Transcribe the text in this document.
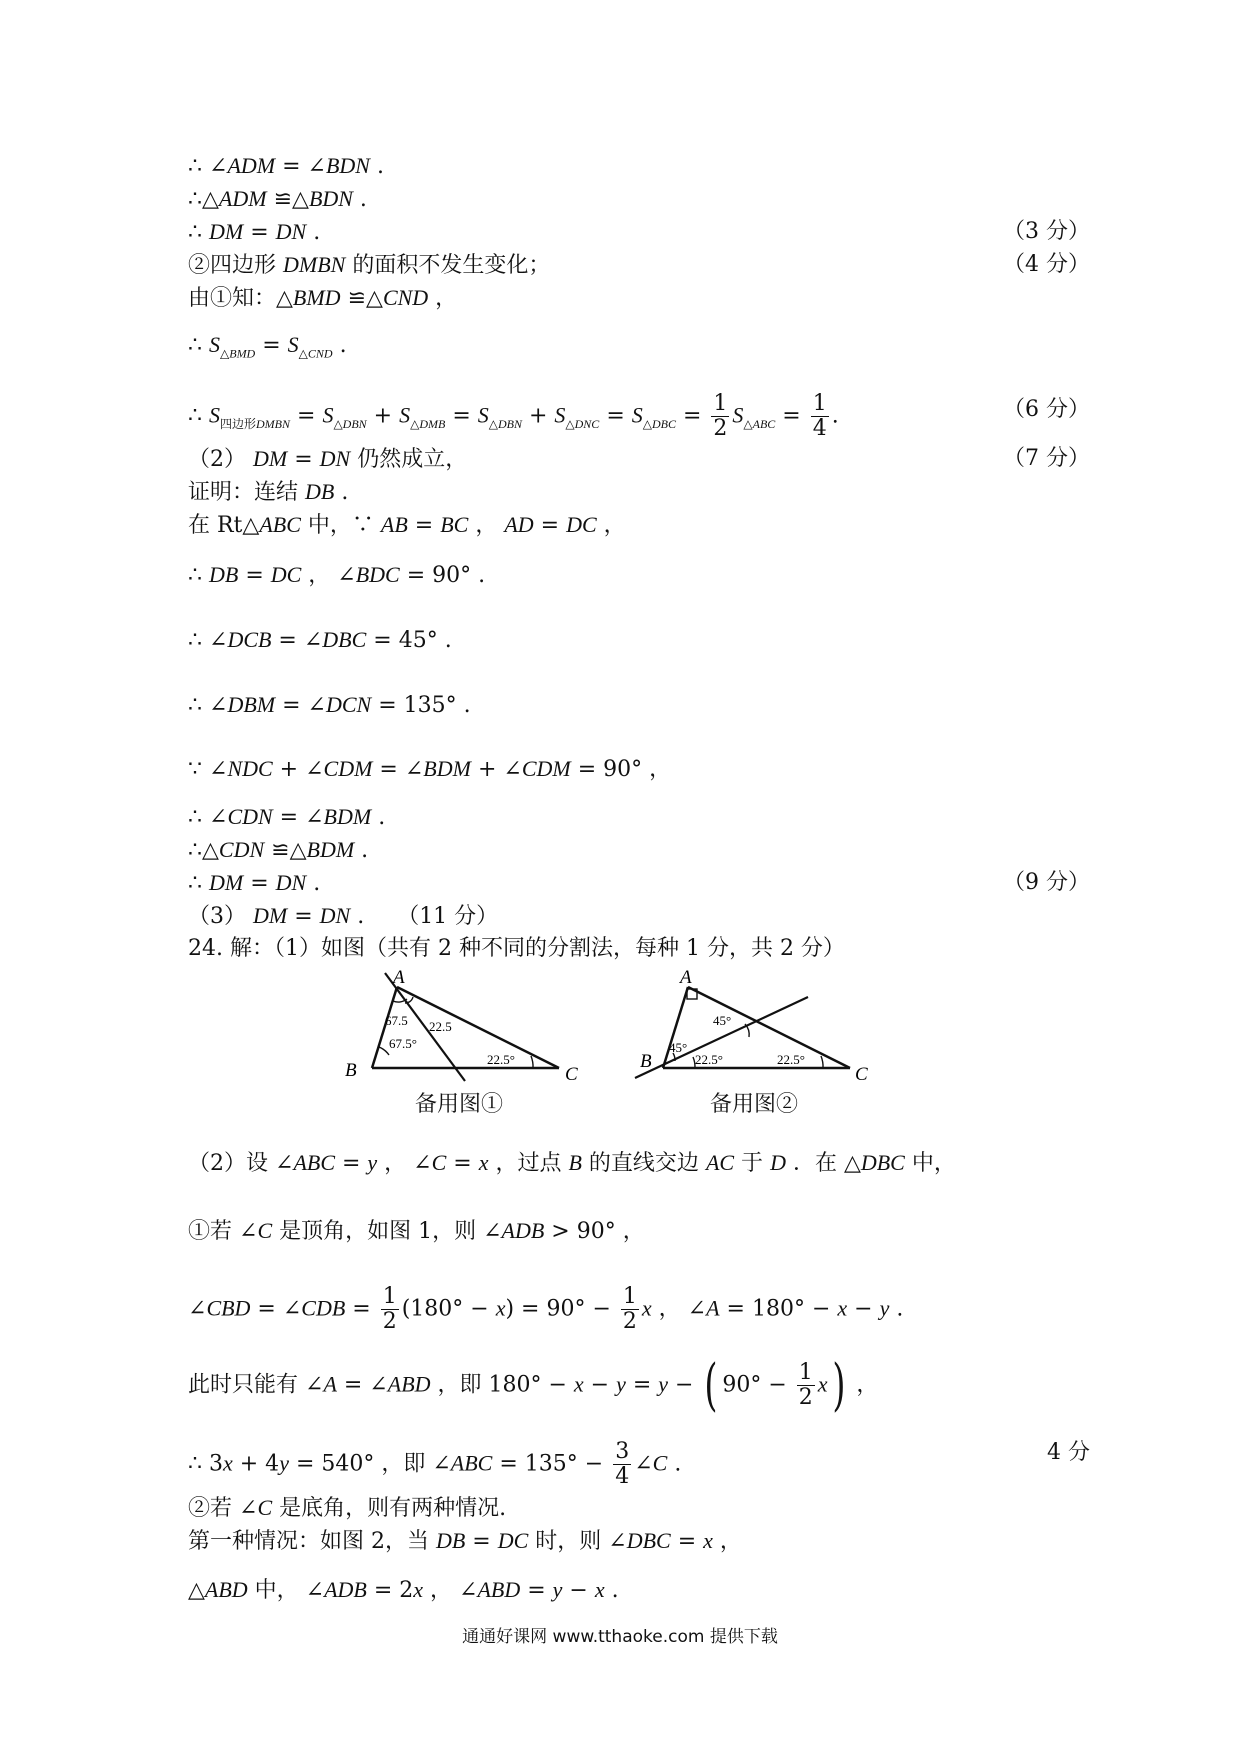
∴ ∠ADM = ∠BDN .
∴△ADM ≌△BDN .
∴ DM = DN .	（3 分）
②四边形 DMBN 的面积不发生变化；	（4 分）
由①知：△BMD ≌△CND ，
∴ $S_{\triangle BMD} = S_{\triangle CND}$ .
∴ $S_{四边形DMBN} = S_{\triangle DBN} + S_{\triangle DMB} = S_{\triangle DBN} + S_{\triangle DNC} = S_{\triangle DBC} = \frac{1}{2} S_{\triangle ABC} = \frac{1}{4}$ .	（6 分）
（2） DM = DN 仍然成立，	（7 分）
证明：连结 DB .
在 Rt△ABC 中，∵ AB = BC ， AD = DC ，
∴ DB = DC ， ∠BDC = 90° .
∴ ∠DCB = ∠DBC = 45° .
∴ ∠DBM = ∠DCN = 135° .
∵ ∠NDC + ∠CDM = ∠BDM + ∠CDM = 90° ，
∴ ∠CDN = ∠BDM .
∴△CDN ≌△BDM .
∴ DM = DN .	（9 分）
（3） DM = DN .　　（11 分）
24. 解：（1）如图（共有 2 种不同的分割法，每种 1 分，共 2 分）
A
B	C
67.5 22.5
67.5°
22.5°
备用图①
A
B
C
45°
45°
22.5°	22.5°
备用图②
（2）设 ∠ABC = y ， ∠C = x ，过点 B 的直线交边 AC 于 D ．在 △DBC 中，
①若 ∠C 是顶角，如图 1，则 ∠ADB > 90° ，
∠CBD = ∠CDB = $\frac{1}{2} (180^\circ - x) = 90^\circ - \frac{1}{2}$ x ， ∠A = 180° − x − y .
此时只能有 ∠A = ∠ABD ，即 180° − x − y = y − ( $90^\circ - \frac{1}{2} x$) ，
∴ 3x + 4y = 540° ，即 ∠ABC = $135^\circ - \frac{3}{4}$ ∠C .	4 分
②若 ∠C 是底角，则有两种情况.
第一种情况：如图 2，当 DB = DC 时，则 ∠DBC = x ，
△ABD 中， ∠ADB = 2x ， ∠ABD = y − x .
通通好课网 www.tthaoke.com 提供下载
